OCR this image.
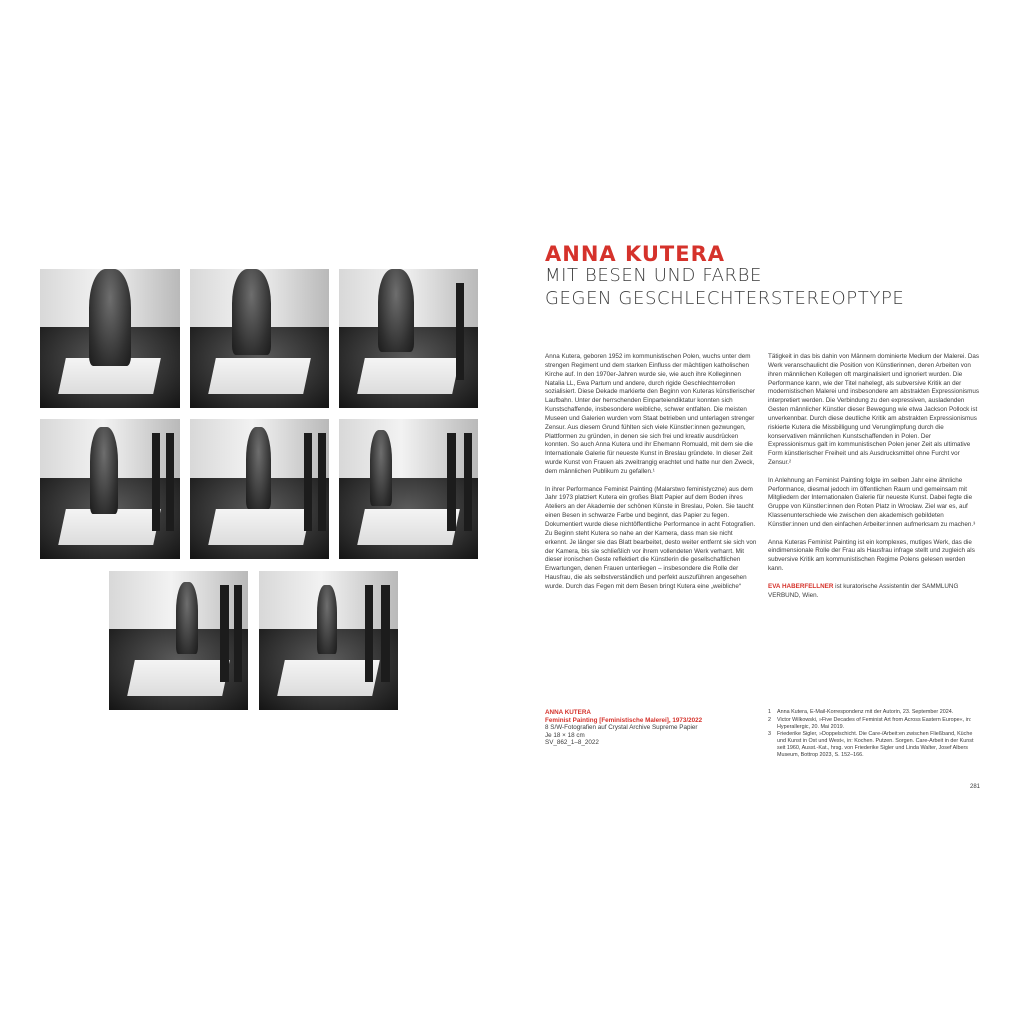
ANNA KUTERA
MIT BESEN UND FARBE
GEGEN GESCHLECHTERSTEREOPTYPE

Anna Kutera, geboren 1952 im kommunistischen Polen, wuchs unter dem strengen Regiment und dem starken Einfluss der mächtigen katholischen Kirche auf. In den 1970er-Jahren wurde sie, wie auch ihre Kolleginnen Natalia LL, Ewa Partum und andere, durch rigide Geschlechterrollen sozialisiert. Diese Dekade markierte den Beginn von Kuteras künstlerischer Laufbahn. Unter der herrschenden Einparteiendiktatur konnten sich Kunstschaffende, insbesondere weibliche, schwer entfalten. Die meisten Museen und Galerien wurden vom Staat betrieben und unterlagen strenger Zensur. Aus diesem Grund fühlten sich viele Künstler:innen gezwungen, Plattformen zu gründen, in denen sie sich frei und kreativ ausdrücken konnten. So auch Anna Kutera und ihr Ehemann Romuald, mit dem sie die Internationale Galerie für neueste Kunst in Breslau gründete. In dieser Zeit wurde Kunst von Frauen als zweitrangig erachtet und hatte nur den Zweck, dem männlichen Publikum zu gefallen.¹

In ihrer Performance Feminist Painting (Malarstwo feministyczne) aus dem Jahr 1973 platziert Kutera ein großes Blatt Papier auf dem Boden ihres Ateliers an der Akademie der schönen Künste in Breslau, Polen. Sie taucht einen Besen in schwarze Farbe und beginnt, das Papier zu fegen. Dokumentiert wurde diese nichtöffentliche Performance in acht Fotografien. Zu Beginn steht Kutera so nahe an der Kamera, dass man sie nicht erkennt. Je länger sie das Blatt bearbeitet, desto weiter entfernt sie sich von der Kamera, bis sie schließlich vor ihrem vollendeten Werk verharrt. Mit dieser ironischen Geste reflektiert die Künstlerin die gesellschaftlichen Erwartungen, denen Frauen unterliegen – insbesondere die Rolle der Hausfrau, die als selbstverständlich und perfekt auszuführen angesehen wurde. Durch das Fegen mit dem Besen bringt Kutera eine „weibliche“

Tätigkeit in das bis dahin von Männern dominierte Medium der Malerei. Das Werk veranschaulicht die Position von Künstlerinnen, deren Arbeiten von ihren männlichen Kollegen oft marginalisiert und ignoriert wurden. Die Performance kann, wie der Titel nahelegt, als subversive Kritik an der modernistischen Malerei und insbesondere am abstrakten Expressionismus interpretiert werden. Die Verbindung zu den expressiven, ausladenden Gesten männlicher Künstler dieser Bewegung wie etwa Jackson Pollock ist unverkennbar. Durch diese deutliche Kritik am abstrakten Expressionismus riskierte Kutera die Missbilligung und Verunglimpfung durch die konservativen männlichen Kunstschaffenden in Polen. Der Expressionismus galt im kommunistischen Polen jener Zeit als ultimative Form künstlerischer Freiheit und als Ausdrucksmittel ohne Furcht vor Zensur.²

In Anlehnung an Feminist Painting folgte im selben Jahr eine ähnliche Performance, diesmal jedoch im öffentlichen Raum und gemeinsam mit Mitgliedern der Internationalen Galerie für neueste Kunst. Dabei fegte die Gruppe von Künstler:innen den Roten Platz in Wrocław. Ziel war es, auf Klassenunterschiede wie zwischen den akademisch gebildeten Künstler:innen und den einfachen Arbeiter:innen aufmerksam zu machen.³

Anna Kuteras Feminist Painting ist ein komplexes, mutiges Werk, das die eindimensionale Rolle der Frau als Hausfrau infrage stellt und zugleich als subversive Kritik am kommunistischen Regime Polens gelesen werden kann.

EVA HABERFELLNER ist kuratorische Assistentin der SAMMLUNG VERBUND, Wien.

ANNA KUTERA
Feminist Painting [Feministische Malerei], 1973/2022
8 S/W-Fotografien auf Crystal Archive Supreme Papier
Je 18 × 18 cm
SV_862_1–8_2022
1	Anna Kutera, E-Mail-Korrespondenz mit der Autorin, 23. September 2024.
2	Victor Wilkowski, »Five Decades of Feminist Art from Across Eastern Europe«, in: Hyperallergic, 20. Mai 2019.
3	Friederike Sigler, »Doppelschicht. Die Care-/Arbeit:en zwischen Fließband, Küche und Kunst in Ost und West«, in: Kochen. Putzen. Sorgen. Care-Arbeit in der Kunst seit 1960, Ausst.-Kat., hrsg. von Friederike Sigler und Linda Walter, Josef Albers Museum, Bottrop 2023, S. 152–166.
281
